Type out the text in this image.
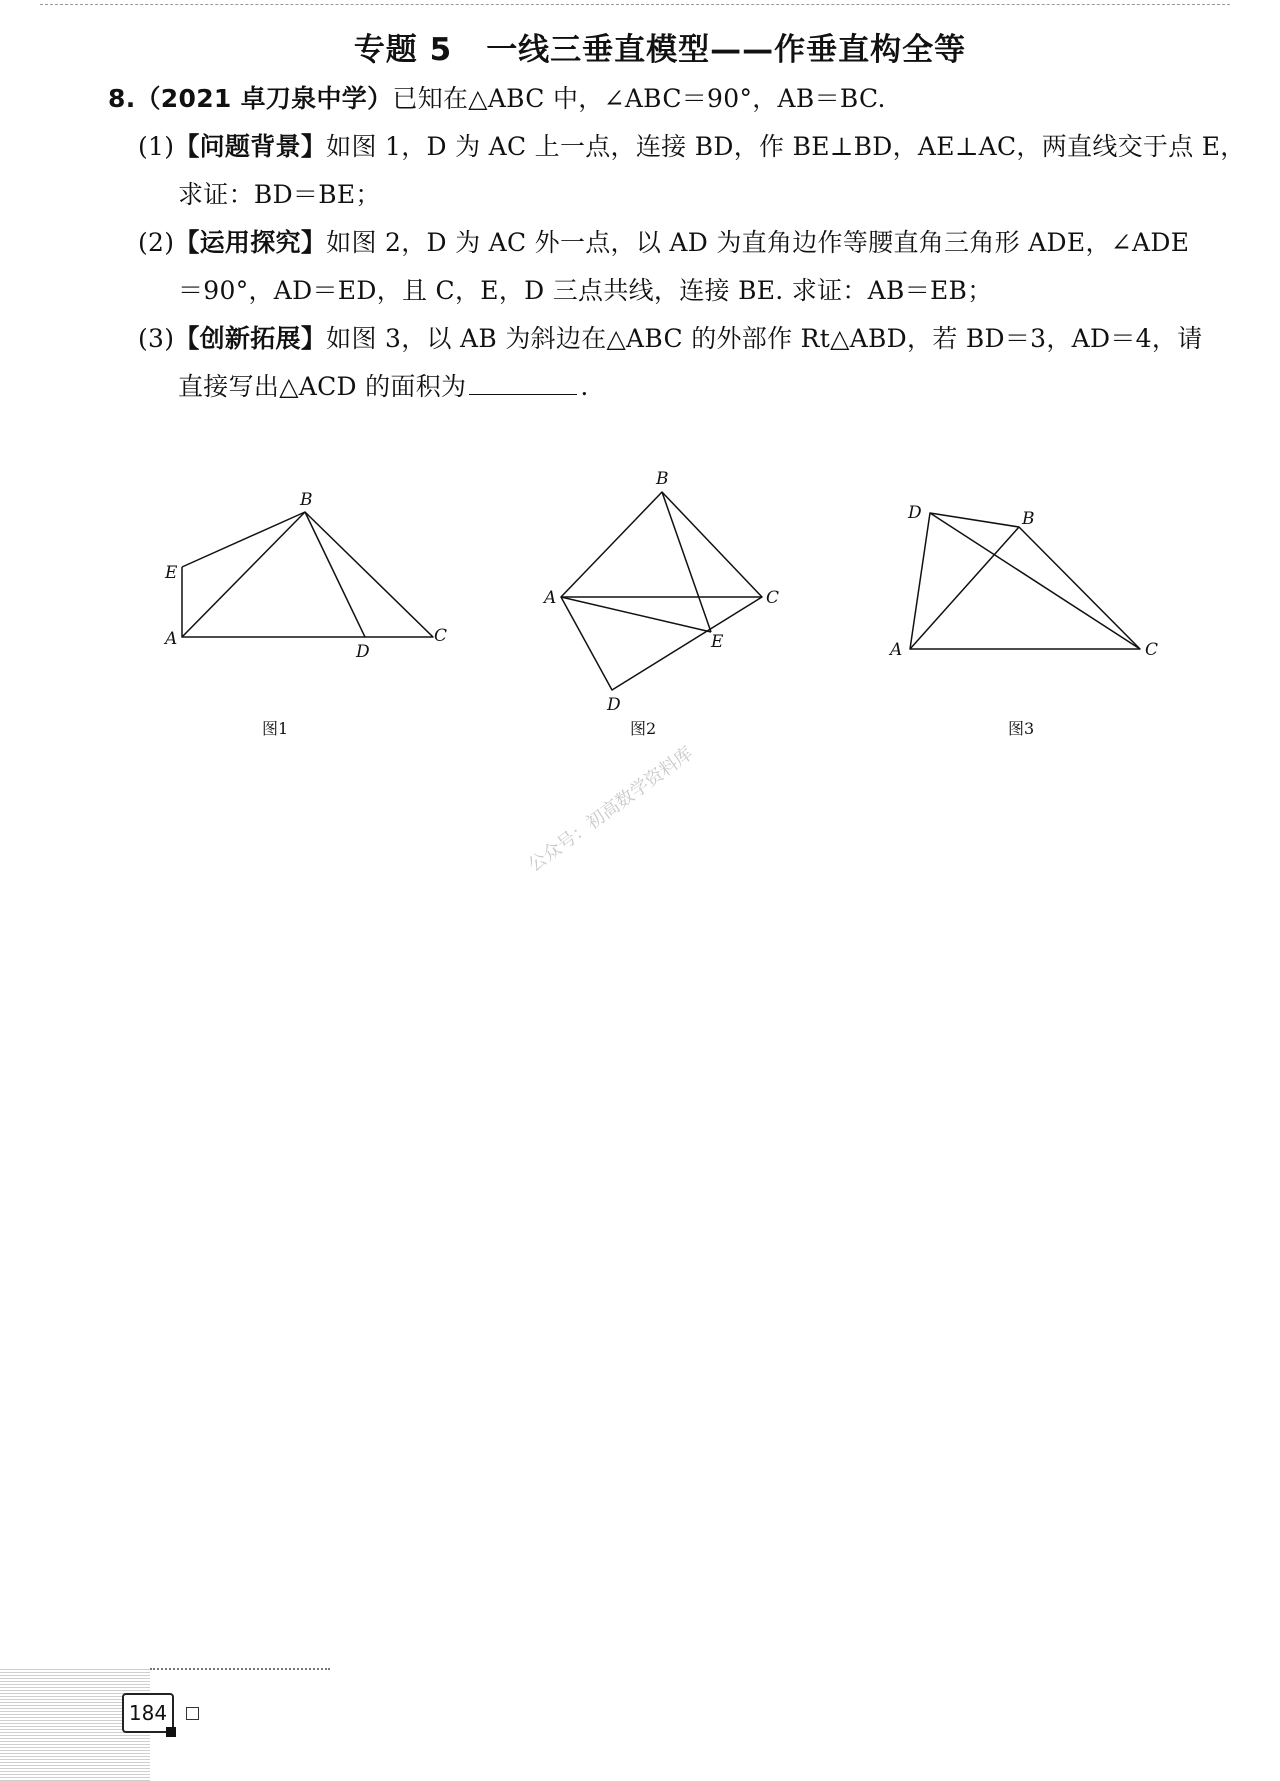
专题 5 一线三垂直模型——作垂直构全等
8.（2021 卓刀泉中学）已知在△ABC 中，∠ABC＝90°，AB＝BC.
(1)【问题背景】如图 1，D 为 AC 上一点，连接 BD，作 BE⊥BD，AE⊥AC，两直线交于点 E，
求证：BD＝BE；
(2)【运用探究】如图 2，D 为 AC 外一点，以 AD 为直角边作等腰直角三角形 ADE，∠ADE
＝90°，AD＝ED，且 C，E，D 三点共线，连接 BE. 求证：AB＝EB；
(3)【创新拓展】如图 3，以 AB 为斜边在△ABC 的外部作 Rt△ABD，若 BD＝3，AD＝4，请
直接写出△ACD 的面积为	.
B
E
A
D
C
B
A	C
E
D
D	B
A	C
图1	图2	图3
公众号：初高数学资料库
184
